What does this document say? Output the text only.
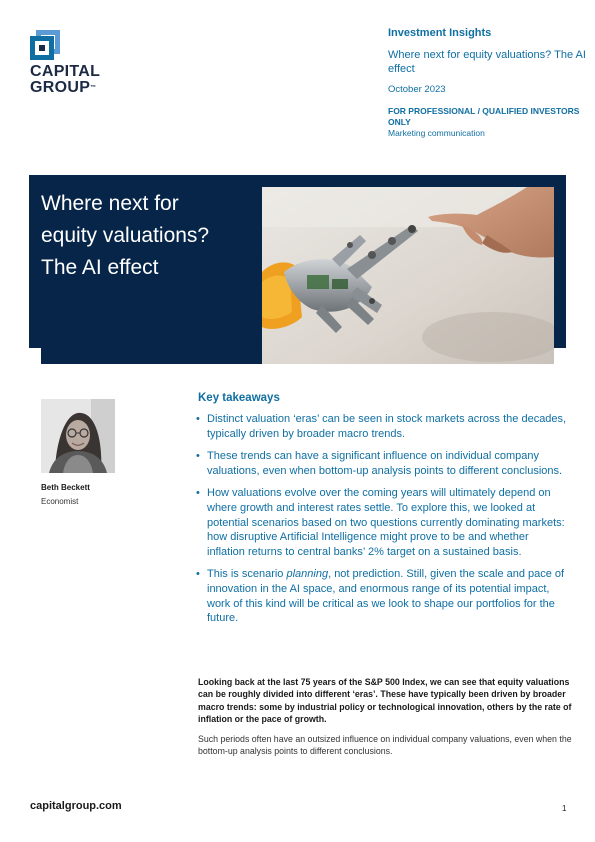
CAPITAL
GROUP™
Investment Insights
Where next for equity valuations? The AI effect
October 2023
FOR PROFESSIONAL / QUALIFIED INVESTORS ONLY
Marketing communication
Where next for
equity valuations?
The AI effect
Beth Beckett
Economist
Key takeaways
• Distinct valuation ‘eras’ can be seen in stock markets across the decades, typically driven by broader macro trends.
• These trends can have a significant influence on individual company valuations, even when bottom-up analysis points to different conclusions.
• How valuations evolve over the coming years will ultimately depend on where growth and interest rates settle. To explore this, we looked at potential scenarios based on two questions currently dominating markets: how disruptive Artificial Intelligence might prove to be and whether inflation returns to central banks’ 2% target on a sustained basis.
• This is scenario planning, not prediction. Still, given the scale and pace of innovation in the AI space, and enormous range of its potential impact, work of this kind will be critical as we look to shape our portfolios for the future.
Looking back at the last 75 years of the S&P 500 Index, we can see that equity valuations can be roughly divided into different ‘eras’. These have typically been driven by broader macro trends: some by industrial policy or technological innovation, others by the rate of inflation or the pace of growth.
Such periods often have an outsized influence on individual company valuations, even when the bottom-up analysis points to different conclusions.
capitalgroup.com	1
